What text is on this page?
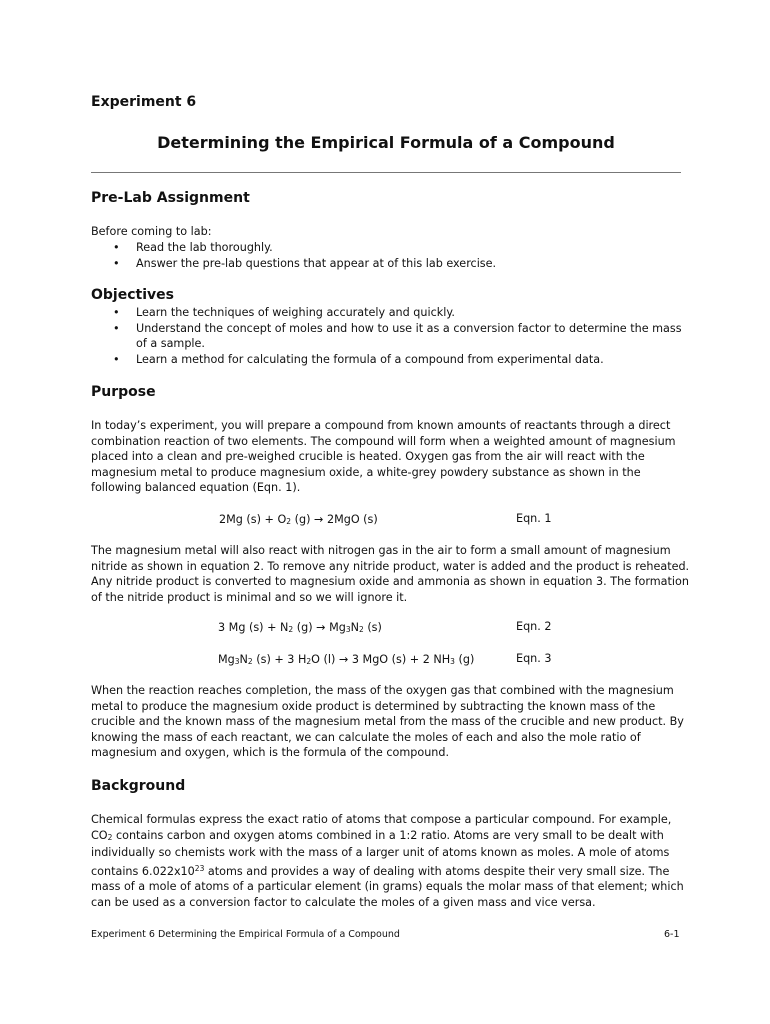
Experiment 6
Determining the Empirical Formula of a Compound
Pre-Lab Assignment
Before coming to lab:
• Read the lab thoroughly.
• Answer the pre-lab questions that appear at of this lab exercise.
Objectives
• Learn the techniques of weighing accurately and quickly.
• Understand the concept of moles and how to use it as a conversion factor to determine the mass of a sample.
• Learn a method for calculating the formula of a compound from experimental data.
Purpose
In today’s experiment, you will prepare a compound from known amounts of reactants through a direct combination reaction of two elements. The compound will form when a weighted amount of magnesium placed into a clean and pre-weighed crucible is heated. Oxygen gas from the air will react with the magnesium metal to produce magnesium oxide, a white-grey powdery substance as shown in the following balanced equation (Eqn. 1).
2Mg $(s) + O_2$ (g) → 2MgO (s)	Eqn. 1
The magnesium metal will also react with nitrogen gas in the air to form a small amount of magnesium nitride as shown in equation 2. To remove any nitride product, water is added and the product is reheated. Any nitride product is converted to magnesium oxide and ammonia as shown in equation 3. The formation of the nitride product is minimal and so we will ignore it.
3 Mg $(s) + N_2$ $(g) \to Mg_3N_2$ (s)	Eqn. 2
$Mg_3N_2$ (s) + 3 $H_2O$ (l) → 3 MgO (s) + 2 $NH_3$ (g)	Eqn. 3
When the reaction reaches completion, the mass of the oxygen gas that combined with the magnesium metal to produce the magnesium oxide product is determined by subtracting the known mass of the crucible and the known mass of the magnesium metal from the mass of the crucible and new product. By knowing the mass of each reactant, we can calculate the moles of each and also the mole ratio of magnesium and oxygen, which is the formula of the compound.
Background
Chemical formulas express the exact ratio of atoms that compose a particular compound. For example, $CO_2$ contains carbon and oxygen atoms combined in a 1:2 ratio. Atoms are very small to be dealt with individually so chemists work with the mass of a larger unit of atoms known as moles. A mole of atoms contains $6.022x10^{23}$ atoms and provides a way of dealing with atoms despite their very small size. The mass of a mole of atoms of a particular element (in grams) equals the molar mass of that element; which can be used as a conversion factor to calculate the moles of a given mass and vice versa.
Experiment 6 Determining the Empirical Formula of a Compound	6-1
